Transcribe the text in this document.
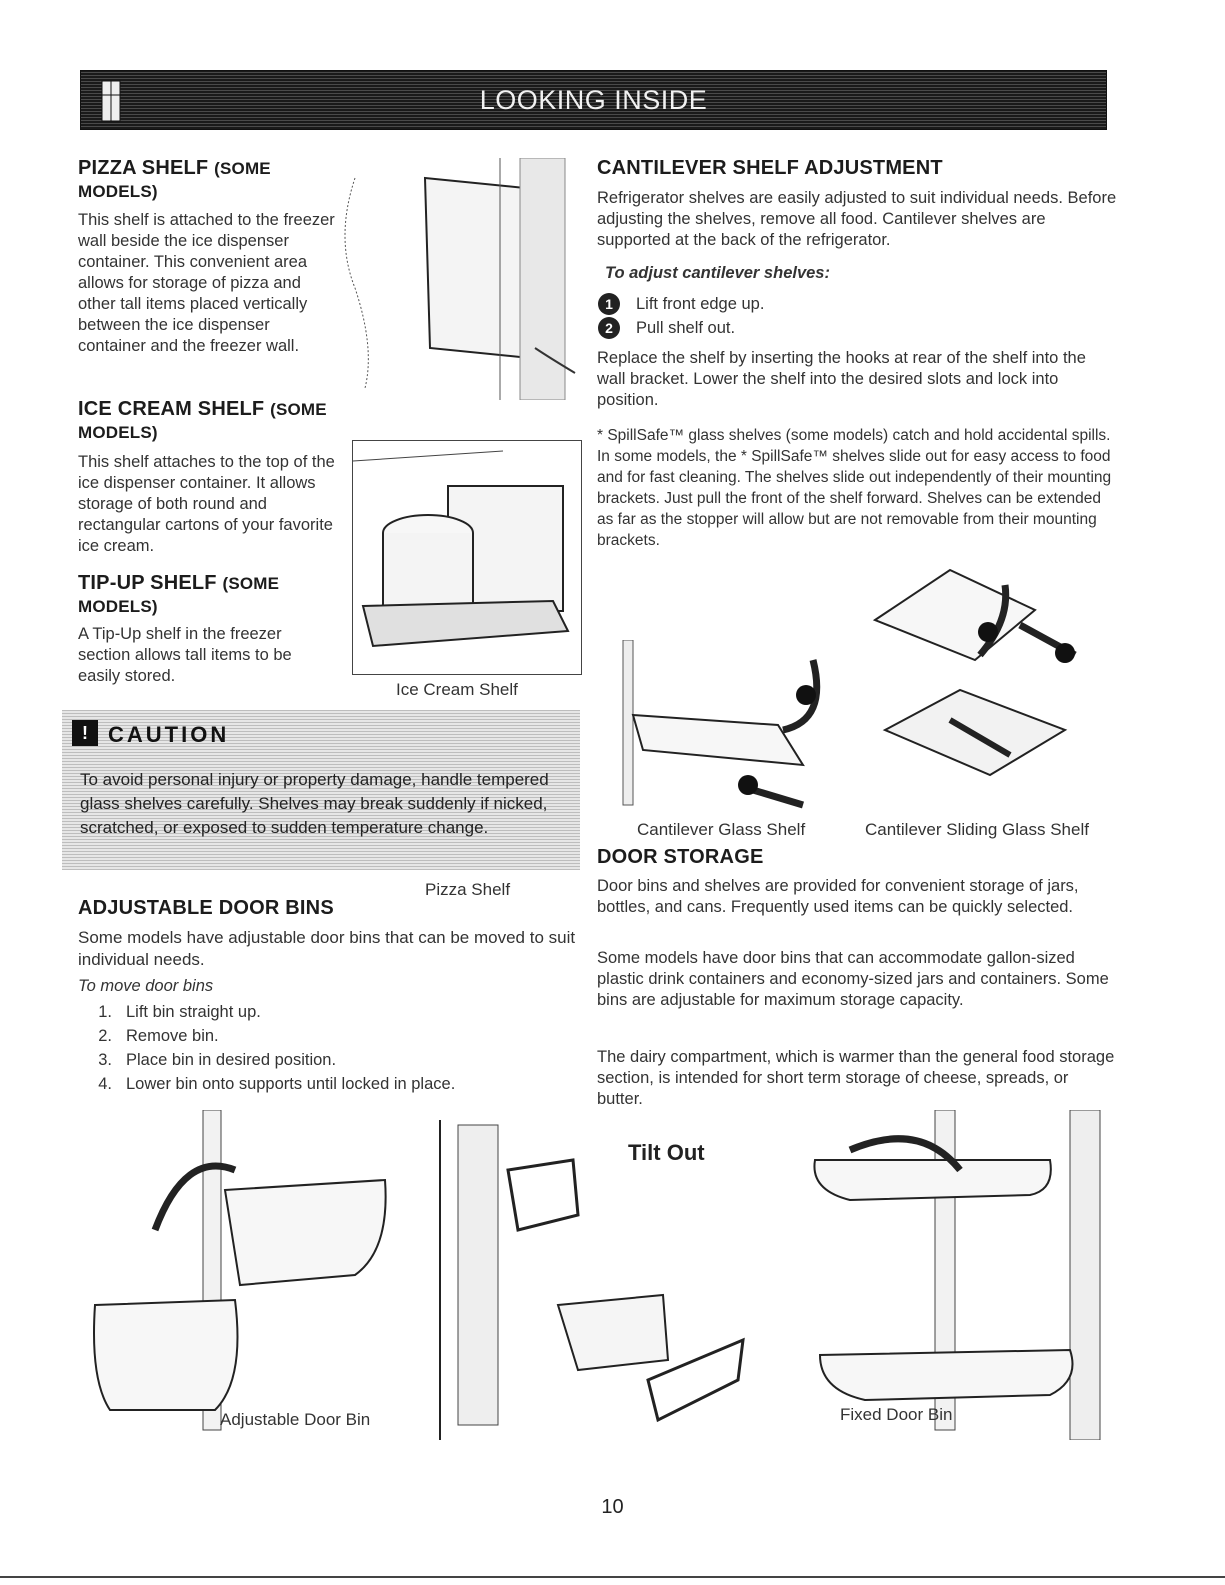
LOOKING INSIDE
PIZZA SHELF (SOME MODELS)
This shelf is attached to the freezer wall beside the ice dispenser container. This convenient area allows for storage of pizza and other tall items placed vertically between the ice dispenser container and the freezer wall.
ICE CREAM SHELF (SOME MODELS)
This shelf attaches to the top of the ice dispenser container. It allows storage of both round and rectangular cartons of your favorite ice cream.
Ice Cream Shelf
TIP-UP SHELF (SOME MODELS)
A Tip-Up shelf in the freezer section allows tall items to be easily stored.
! CAUTION
To avoid personal injury or property damage, handle tempered glass shelves carefully. Shelves may break suddenly if nicked, scratched, or exposed to sudden temperature change.
Pizza Shelf
ADJUSTABLE DOOR BINS
Some models have adjustable door bins that can be moved to suit individual needs.
To move door bins
1. Lift bin straight up.
2. Remove bin.
3. Place bin in desired position.
4. Lower bin onto supports until locked in place.
CANTILEVER SHELF ADJUSTMENT
Refrigerator shelves are easily adjusted to suit individual needs. Before adjusting the shelves, remove all food. Cantilever shelves are supported at the back of the refrigerator.
To adjust cantilever shelves:
1	Lift front edge up.
2	Pull shelf out.
Replace the shelf by inserting the hooks at rear of the shelf into the wall bracket. Lower the shelf into the desired slots and lock into position.
* SpillSafe™ glass shelves (some models) catch and hold accidental spills. In some models, the * SpillSafe™ shelves slide out for easy access to food and for fast cleaning. The shelves slide out independently of their mounting brackets. Just pull the front of the shelf forward. Shelves can be extended as far as the stopper will allow but are not removable from their mounting brackets.
Cantilever Glass Shelf	Cantilever Sliding Glass Shelf
DOOR STORAGE
Door bins and shelves are provided for convenient storage of jars, bottles, and cans. Frequently used items can be quickly selected.
Some models have door bins that can accommodate gallon-sized plastic drink containers and economy-sized jars and containers. Some bins are adjustable for maximum storage capacity.
The dairy compartment, which is warmer than the general food storage section, is intended for short term storage of cheese, spreads, or butter.
Adjustable Door Bin
Tilt Out
Fixed Door Bin
10
